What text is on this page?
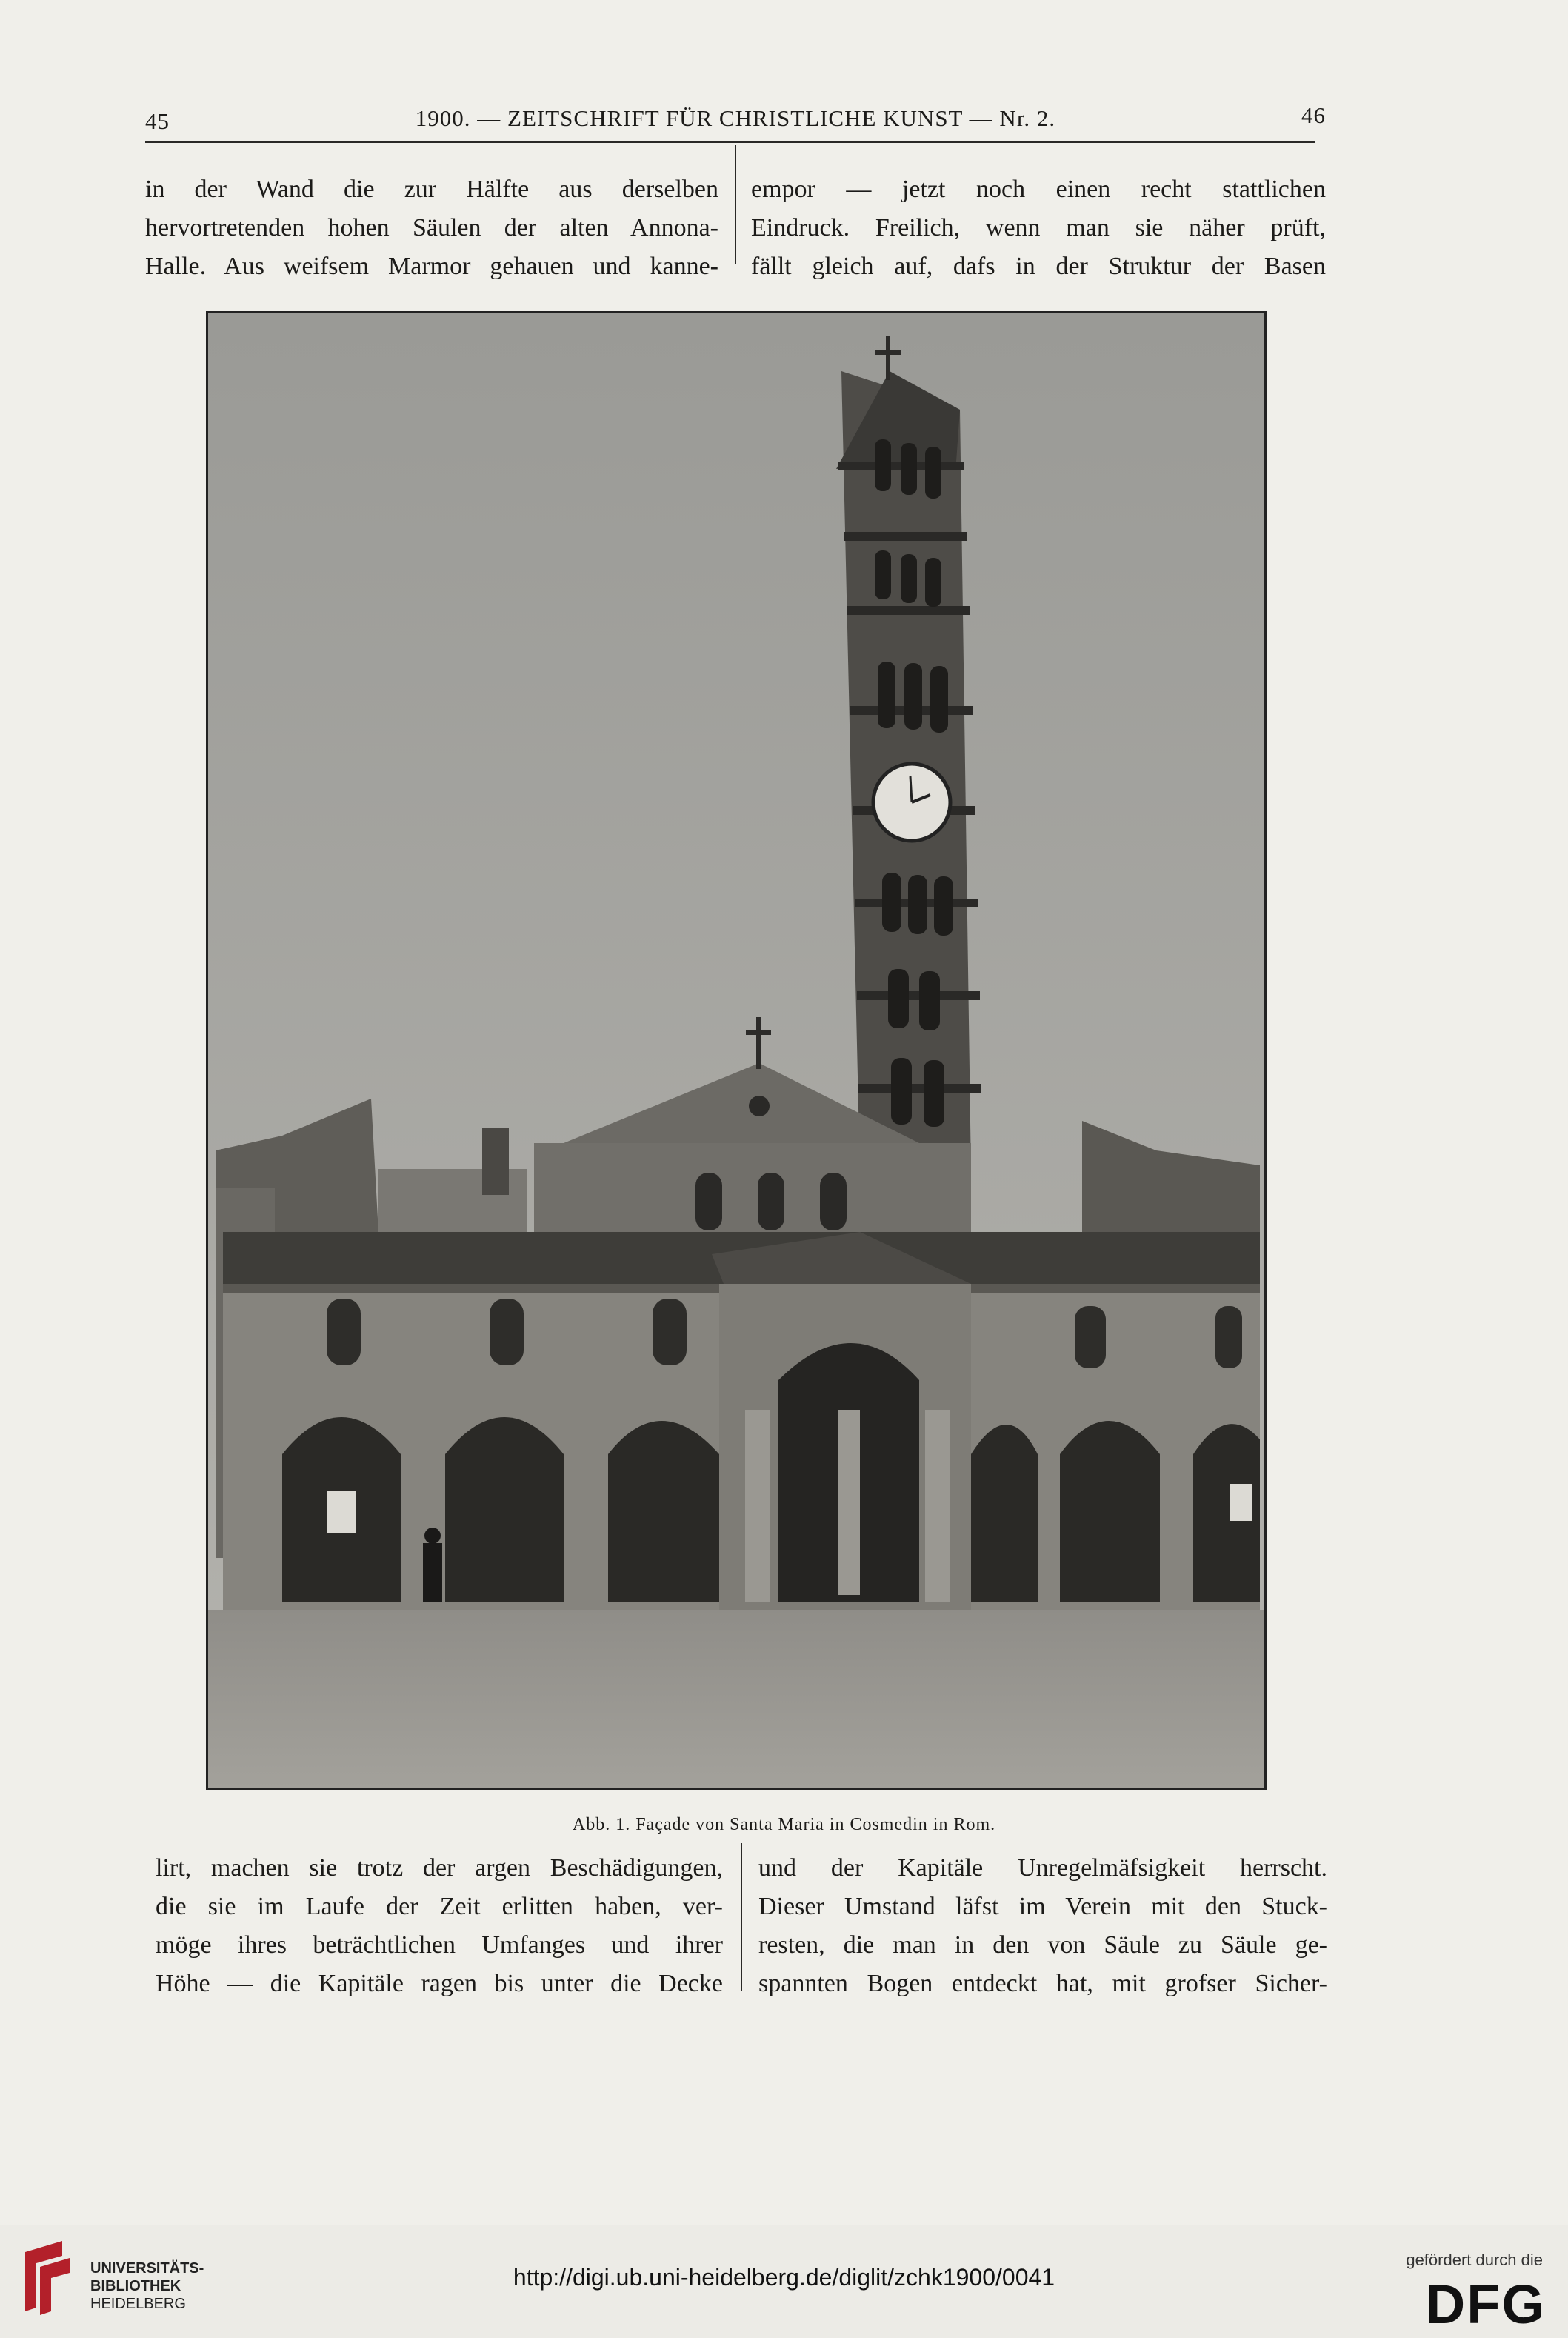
45	1900. — ZEITSCHRIFT FÜR CHRISTLICHE KUNST — Nr. 2.	46

in der Wand die zur Hälfte aus derselben

hervortretenden hohen Säulen der alten Annona-

Halle. Aus weifsem Marmor gehauen und kanne-

empor — jetzt noch einen recht stattlichen

Eindruck. Freilich, wenn man sie näher prüft,

fällt gleich auf, dafs in der Struktur der Basen

Abb. 1. Façade von Santa Maria in Cosmedin in Rom.

lirt, machen sie trotz der argen Beschädigungen,

die sie im Laufe der Zeit erlitten haben, ver-

möge ihres beträchtlichen Umfanges und ihrer

Höhe — die Kapitäle ragen bis unter die Decke

und der Kapitäle Unregelmäfsigkeit herrscht.

Dieser Umstand läfst im Verein mit den Stuck-

resten, die man in den von Säule zu Säule ge-

spannten Bogen entdeckt hat, mit grofser Sicher-

UNIVERSITÄTS-
BIBLIOTHEK
HEIDELBERG
http://digi.ub.uni-heidelberg.de/diglit/zchk1900/0041
gefördert durch die
DFG
